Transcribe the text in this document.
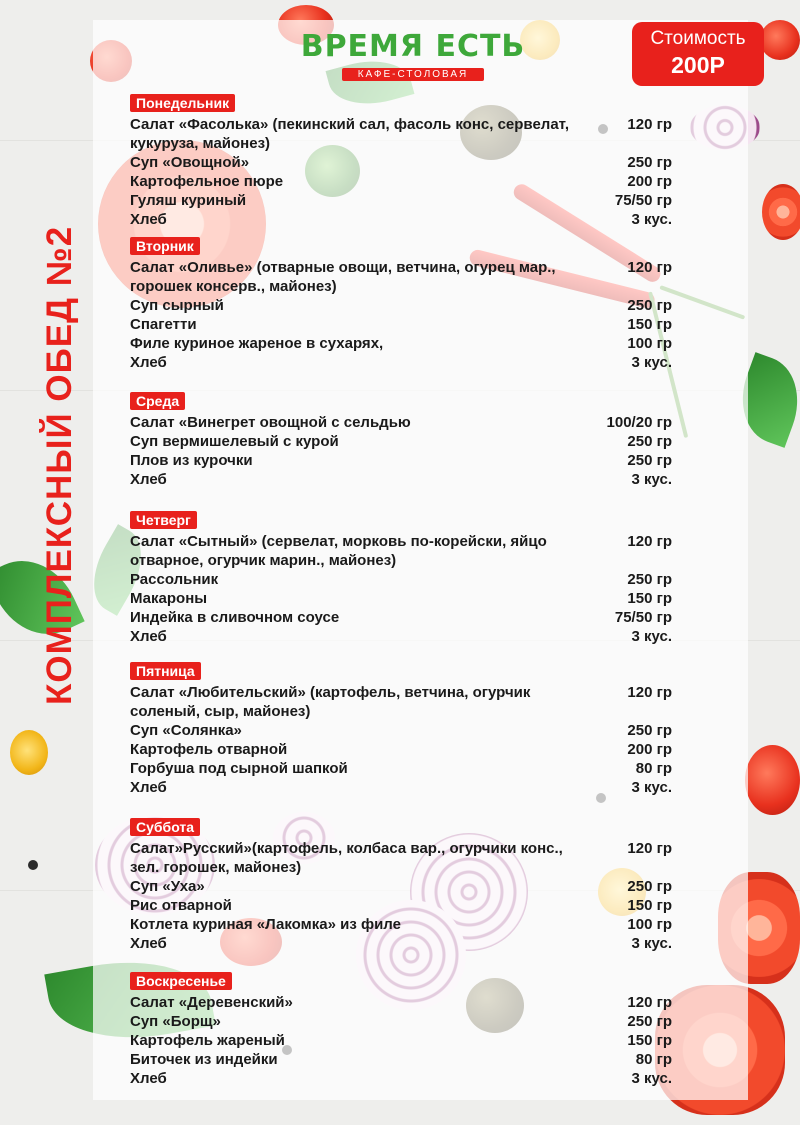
КОМПЛЕКСНЫЙ ОБЕД №2
ВРЕМЯ ЕСТЬ
КАФЕ-СТОЛОВАЯ
Стоимость
200Р
Понедельник
Салат «Фасолька» (пекинский сал, фасоль конс, сервелат, кукуруза, майонез)
120 гр
Суп «Овощной»	250 гр
Картофельное пюре	200 гр
Гуляш куриный	75/50 гр
Хлеб	3 кус.
Вторник
Салат «Оливье» (отварные овощи, ветчина, огурец мар., горошек консерв., майонез)
120 гр
Суп сырный	250 гр
Спагетти	150 гр
Филе куриное жареное в сухарях,	100 гр
Хлеб	3 кус.
Среда
Салат «Винегрет овощной с сельдью	100/20 гр
Суп вермишелевый с курой	250 гр
Плов из курочки	250 гр
Хлеб	3 кус.
Четверг
Салат «Сытный» (сервелат, морковь по-корейски, яйцо отварное, огурчик марин., майонез)
120 гр
Рассольник	250 гр
Макароны	150 гр
Индейка в сливочном соусе	75/50 гр
Хлеб	3 кус.
Пятница
Салат «Любительский» (картофель, ветчина, огурчик соленый, сыр, майонез)
120 гр
Суп «Солянка»	250 гр
Картофель отварной	200 гр
Горбуша под сырной шапкой	80 гр
Хлеб	3 кус.
Суббота
Салат»Русский»(картофель, колбаса вар., огурчики конс., зел. горошек, майонез)
120 гр
Суп «Уха»	250 гр
Рис отварной	150 гр
Котлета куриная «Лакомка» из филе	100 гр
Хлеб	3 кус.
Воскресенье
Салат «Деревенский»	120 гр
Суп «Борщ»	250 гр
Картофель жареный	150 гр
Биточек из индейки	80 гр
Хлеб	3 кус.
